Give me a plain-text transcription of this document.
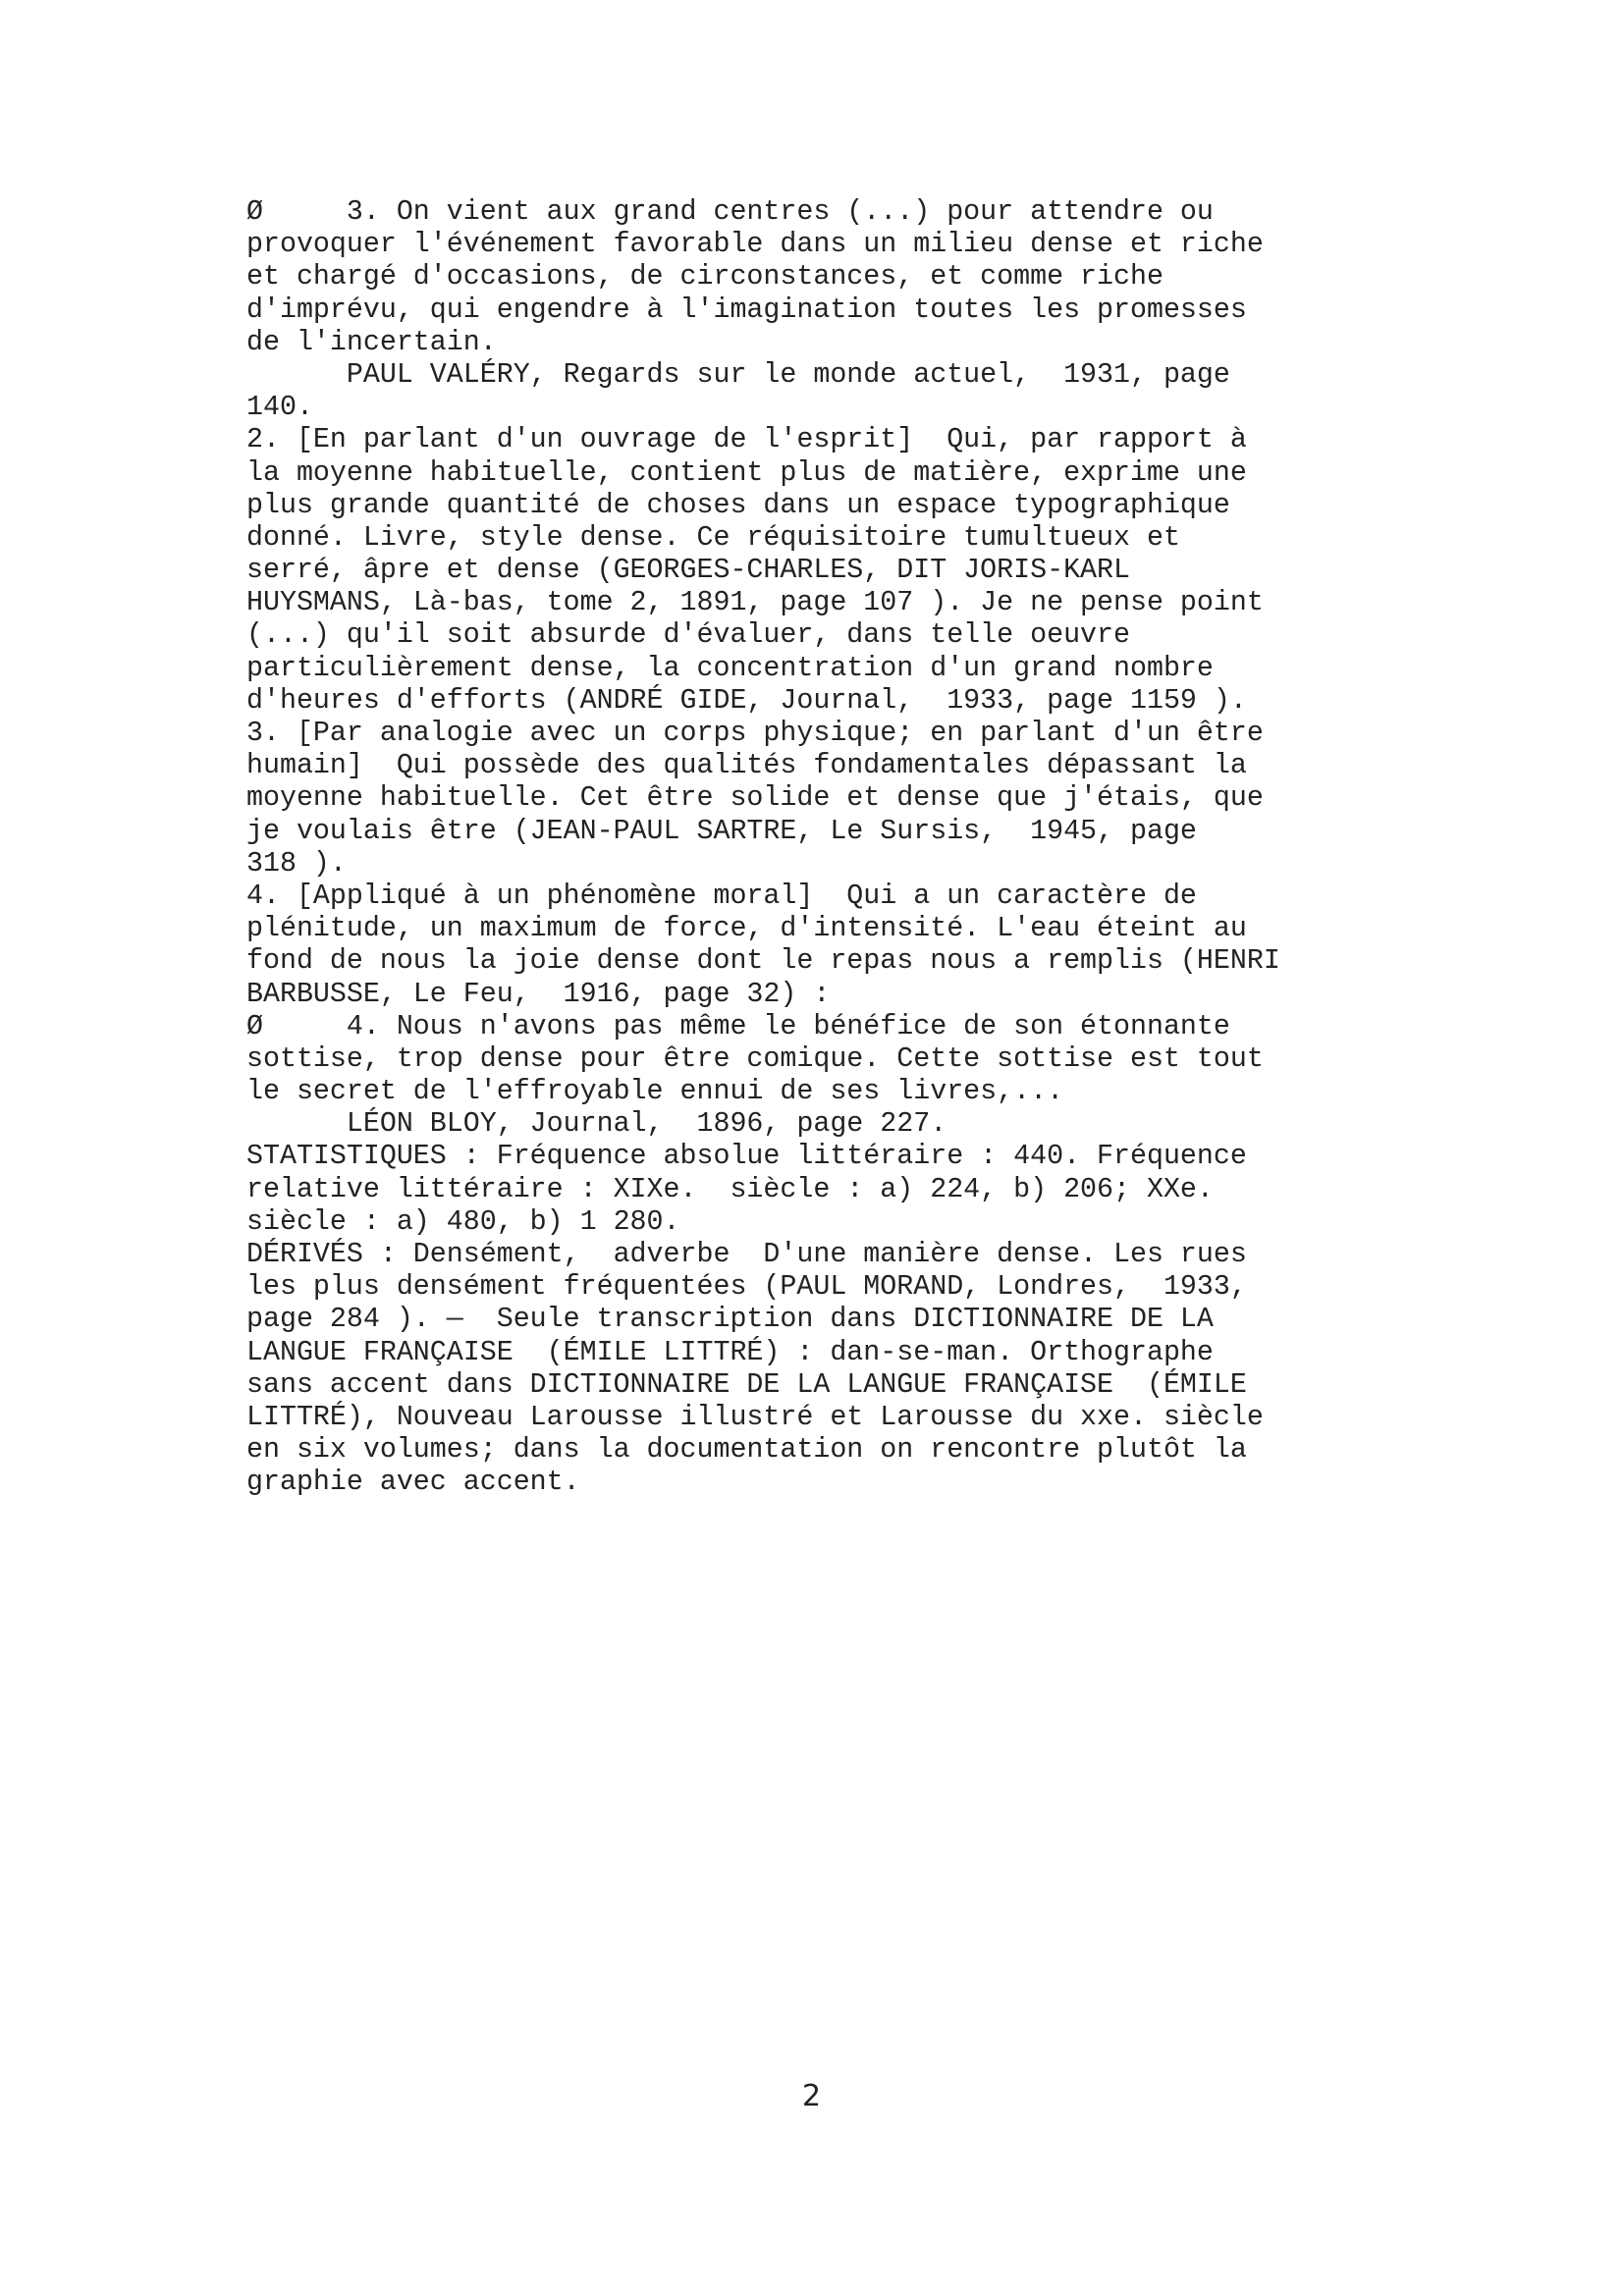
Ø     3. On vient aux grand centres (...) pour attendre ou
provoquer l'événement favorable dans un milieu dense et riche
et chargé d'occasions, de circonstances, et comme riche
d'imprévu, qui engendre à l'imagination toutes les promesses
de l'incertain.
PAUL VALÉRY, Regards sur le monde actuel,  1931, page
140.
2. [En parlant d'un ouvrage de l'esprit]  Qui, par rapport à
la moyenne habituelle, contient plus de matière, exprime une
plus grande quantité de choses dans un espace typographique
donné. Livre, style dense. Ce réquisitoire tumultueux et
serré, âpre et dense (GEORGES-CHARLES, DIT JORIS-KARL
HUYSMANS, Là-bas, tome 2, 1891, page 107 ). Je ne pense point
(...) qu'il soit absurde d'évaluer, dans telle oeuvre
particulièrement dense, la concentration d'un grand nombre
d'heures d'efforts (ANDRÉ GIDE, Journal,  1933, page 1159 ).
3. [Par analogie avec un corps physique; en parlant d'un être
humain]  Qui possède des qualités fondamentales dépassant la
moyenne habituelle. Cet être solide et dense que j'étais, que
je voulais être (JEAN-PAUL SARTRE, Le Sursis,  1945, page
318 ).
4. [Appliqué à un phénomène moral]  Qui a un caractère de
plénitude, un maximum de force, d'intensité. L'eau éteint au
fond de nous la joie dense dont le repas nous a remplis (HENRI
BARBUSSE, Le Feu,  1916, page 32) :
Ø     4. Nous n'avons pas même le bénéfice de son étonnante
sottise, trop dense pour être comique. Cette sottise est tout
le secret de l'effroyable ennui de ses livres,...
LÉON BLOY, Journal,  1896, page 227.
STATISTIQUES : Fréquence absolue littéraire : 440. Fréquence
relative littéraire : XIXe.  siècle : a) 224, b) 206; XXe.
siècle : a) 480, b) 1 280.
DÉRIVÉS : Densément,  adverbe  D'une manière dense. Les rues
les plus densément fréquentées (PAUL MORAND, Londres,  1933,
page 284 ). —  Seule transcription dans DICTIONNAIRE DE LA
LANGUE FRANÇAISE  (ÉMILE LITTRÉ) : dan-se-man. Orthographe
sans accent dans DICTIONNAIRE DE LA LANGUE FRANÇAISE  (ÉMILE
LITTRÉ), Nouveau Larousse illustré et Larousse du xxe. siècle
en six volumes; dans la documentation on rencontre plutôt la
graphie avec accent.
2
